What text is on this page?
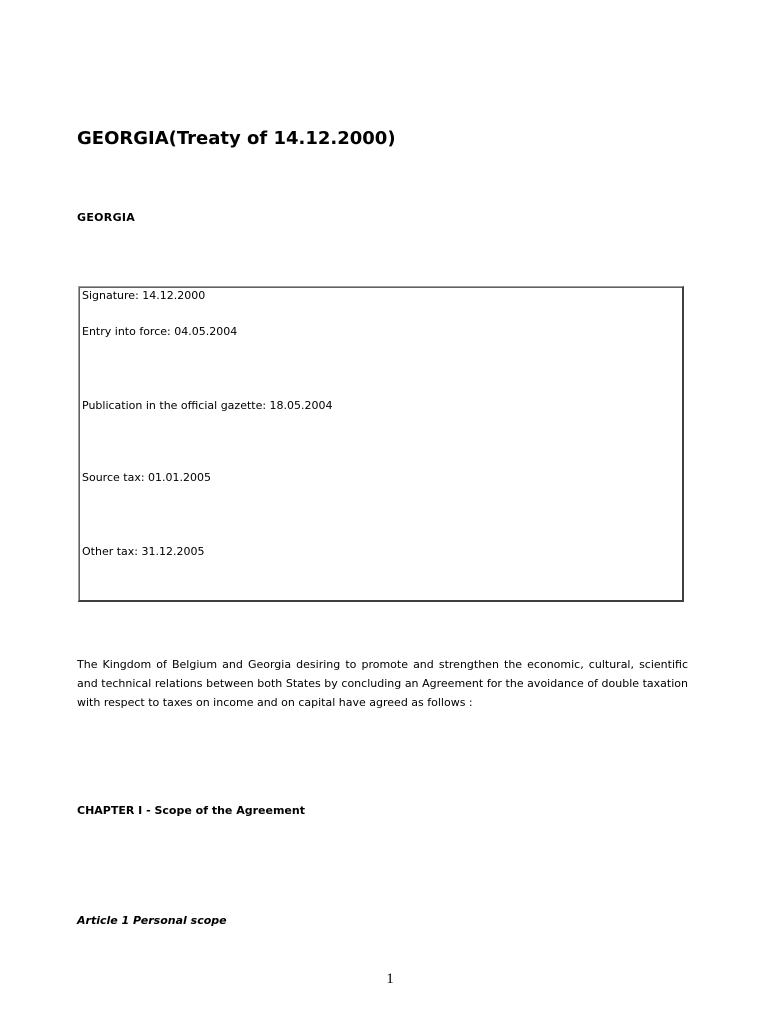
GEORGIA(Treaty of 14.12.2000)
GEORGIA

Signature: 14.12.2000

Entry into force: 04.05.2004

Publication in the official gazette: 18.05.2004

Source tax: 01.01.2005

Other tax: 31.12.2005

The Kingdom of Belgium and Georgia desiring to promote and strengthen the economic, cultural, scientific and technical relations between both States by concluding an Agreement for the avoidance of double taxation with respect to taxes on income and on capital have agreed as follows :

CHAPTER I - Scope of the Agreement
Article 1 Personal scope

1
